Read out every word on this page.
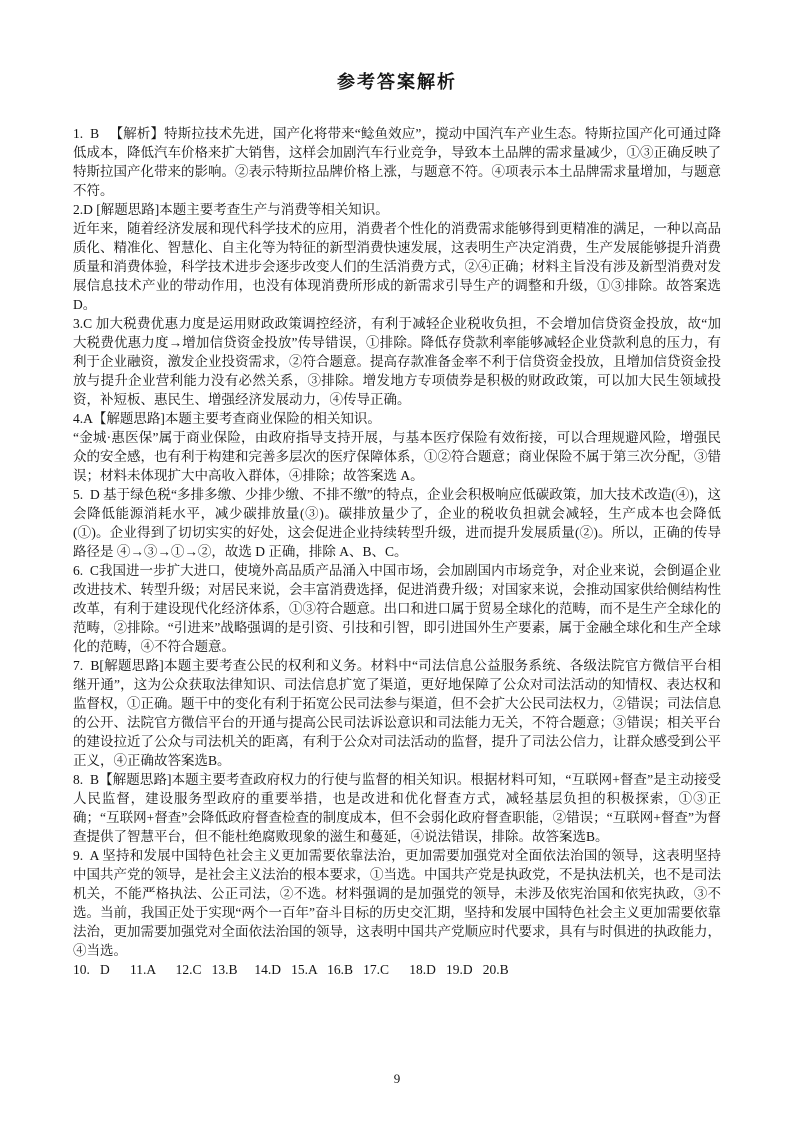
参考答案解析

1.  B   【解析】特斯拉技术先进，国产化将带来“鲶鱼效应”，搅动中国汽车产业生态。特斯拉国产化可通过降低成本，降低汽车价格来扩大销售，这样会加剧汽车行业竞争，导致本土品牌的需求量减少，①③正确反映了特斯拉国产化带来的影响。②表示特斯拉品牌价格上涨，与题意不符。④项表示本土品牌需求量增加，与题意不符。

2.D [解题思路]本题主要考查生产与消费等相关知识。

近年来，随着经济发展和现代科学技术的应用，消费者个性化的消费需求能够得到更精准的满足，一种以高品质化、精准化、智慧化、自主化等为特征的新型消费快速发展，这表明生产决定消费，生产发展能够提升消费质量和消费体验，科学技术进步会逐步改变人们的生活消费方式，②④正确；材料主旨没有涉及新型消费对发展信息技术产业的带动作用，也没有体现消费所形成的新需求引导生产的调整和升级，①③排除。故答案选 D。

3.C 加大税费优惠力度是运用财政政策调控经济，有利于减轻企业税收负担，不会增加信贷资金投放，故“加大税费优惠力度→增加信贷资金投放”传导错误，①排除。降低存贷款利率能够减轻企业贷款利息的压力，有利于企业融资，激发企业投资需求，②符合题意。提高存款准备金率不利于信贷资金投放，且增加信贷资金投放与提升企业营利能力没有必然关系，③排除。增发地方专项债券是积极的财政政策，可以加大民生领域投资，补短板、惠民生、增强经济发展动力，④传导正确。

4.A【解题思路]本题主要考查商业保险的相关知识。

“金城·惠医保”属于商业保险，由政府指导支持开展，与基本医疗保险有效衔接，可以合理规避风险，增强民众的安全感，也有利于构建和完善多层次的医疗保障体系，①②符合题意；商业保险不属于第三次分配，③错误；材料未体现扩大中高收入群体，④排除；故答案选 A。

5.  D 基于绿色税“多排多缴、少排少缴、不排不缴”的特点，企业会积极响应低碳政策，加大技术改造(④)，这会降低能源消耗水平，减少碳排放量(③)。碳排放量少了，企业的税收负担就会减轻，生产成本也会降低(①)。企业得到了切切实实的好处，这会促进企业持续转型升级，进而提升发展质量(②)。所以，正确的传导路径是 ④→③→①→②，故选 D 正确，排除 A、B、C。

6.  C我国进一步扩大进口，使境外高品质产品涌入中国市场，会加剧国内市场竞争，对企业来说，会倒逼企业改进技术、转型升级；对居民来说，会丰富消费选择，促进消费升级；对国家来说，会推动国家供给侧结构性改革，有利于建设现代化经济体系，①③符合题意。出口和进口属于贸易全球化的范畴，而不是生产全球化的范畴，②排除。“引进来”战略强调的是引资、引技和引智，即引进国外生产要素，属于金融全球化和生产全球化的范畴，④不符合题意。

7.  B[解题思路]本题主要考查公民的权利和义务。材料中“司法信息公益服务系统、各级法院官方微信平台相继开通”，这为公众获取法律知识、司法信息扩宽了渠道，更好地保障了公众对司法活动的知情权、表达权和监督权，①正确。题干中的变化有利于拓宽公民司法参与渠道，但不会扩大公民司法权力，②错误；司法信息的公开、法院官方微信平台的开通与提高公民司法诉讼意识和司法能力无关，不符合题意；③错误；相关平台的建设拉近了公众与司法机关的距离，有利于公众对司法活动的监督，提升了司法公信力，让群众感受到公平正义，④正确故答案选B。

8.  B【解题思路]本题主要考查政府权力的行使与监督的相关知识。根据材料可知，“互联网+督查”是主动接受人民监督，建设服务型政府的重要举措，也是改进和优化督查方式，减轻基层负担的积极探索，①③正确；“互联网+督查”会降低政府督查检查的制度成本，但不会弱化政府督查职能，②错误；“互联网+督查”为督查提供了智慧平台，但不能杜绝腐败现象的滋生和蔓延，④说法错误，排除。故答案选B。

9.  A 坚持和发展中国特色社会主义更加需要依靠法治，更加需要加强党对全面依法治国的领导，这表明坚持中国共产党的领导，是社会主义法治的根本要求，①当选。中国共产党是执政党，不是执法机关，也不是司法机关，不能严格执法、公正司法，②不选。材料强调的是加强党的领导，未涉及依宪治国和依宪执政，③不选。当前，我国正处于实现“两个一百年”奋斗目标的历史交汇期，坚持和发展中国特色社会主义更加需要依靠法治，更加需要加强党对全面依法治国的领导，这表明中国共产党顺应时代要求，具有与时俱进的执政能力，④当选。

10.   D      11.A      12.C   13.B     14.D   15.A   16.B   17.C      18.D   19.D   20.B

9
